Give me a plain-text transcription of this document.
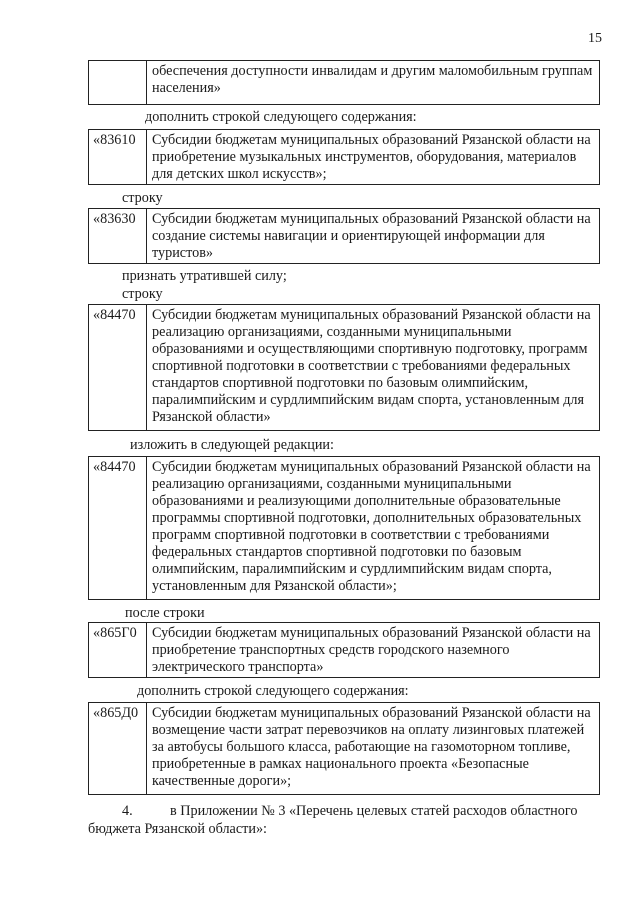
15
обеспечения доступности инвалидам и другим маломобильным группам населения»
дополнить строкой следующего содержания:
«83610	Субсидии бюджетам муниципальных образований Рязанской области на приобретение музыкальных инструментов, оборудования, материалов для детских школ искусств»;
строку
«83630	Субсидии бюджетам муниципальных образований Рязанской области на создание системы навигации и ориентирующей информации для туристов»
признать утратившей силу;
строку
«84470	Субсидии бюджетам муниципальных образований Рязанской области на реализацию организациями, созданными муниципальными образованиями и осуществляющими спортивную подготовку, программ спортивной подготовки в соответствии с требованиями федеральных стандартов спортивной подготовки по базовым олимпийским, паралимпийским и сурдлимпийским видам спорта, установленным для Рязанской области»
изложить в следующей редакции:
«84470	Субсидии бюджетам муниципальных образований Рязанской области на реализацию организациями, созданными муниципальными образованиями и реализующими дополнительные образовательные программы спортивной подготовки, дополнительных образовательных программ спортивной подготовки в соответствии с требованиями федеральных стандартов спортивной подготовки по базовым олимпийским, паралимпийским и сурдлимпийским видам спорта, установленным для Рязанской области»;
после строки
«865Г0	Субсидии бюджетам муниципальных образований Рязанской области на приобретение транспортных средств городского наземного электрического транспорта»
дополнить строкой следующего содержания:
«865Д0 Субсидии бюджетам муниципальных образований Рязанской области на возмещение части затрат перевозчиков на оплату лизинговых платежей за автобусы большого класса, работающие на газомоторном топливе, приобретенные в рамках национального проекта «Безопасные качественные дороги»;
4.	в Приложении № 3 «Перечень целевых статей расходов областного
бюджета Рязанской области»:
